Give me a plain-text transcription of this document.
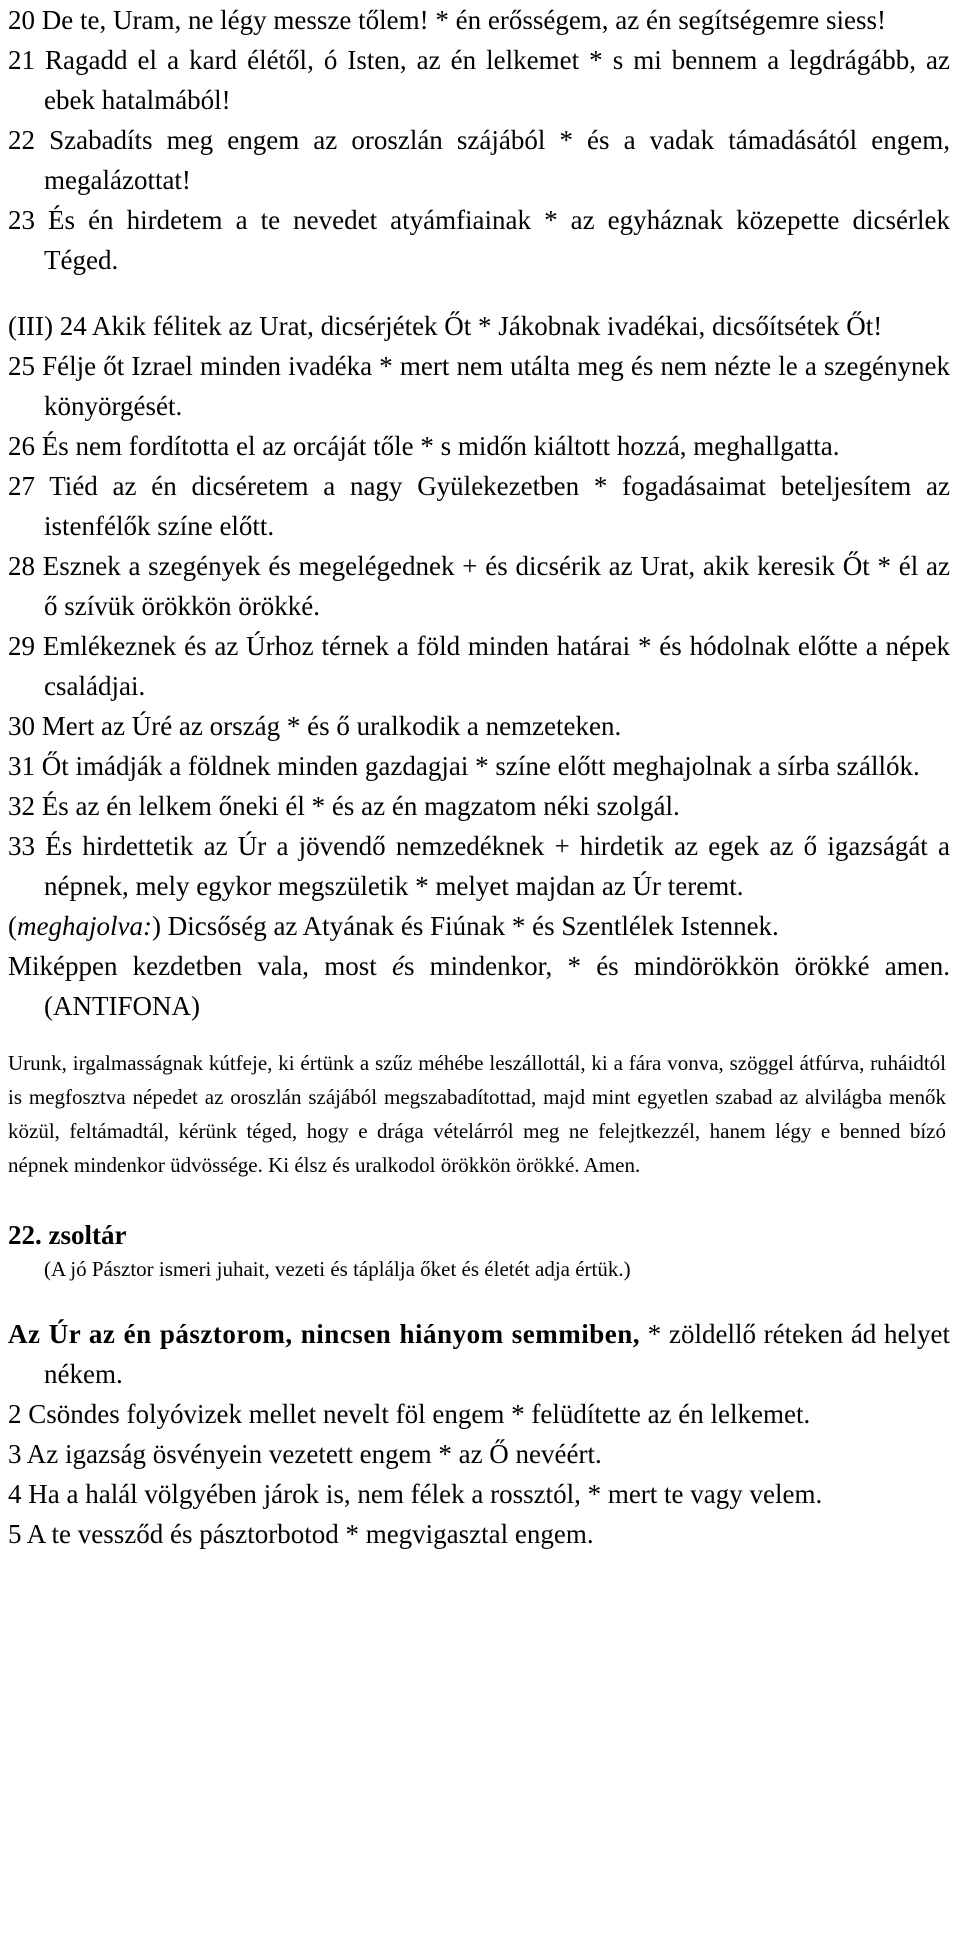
20 De te, Uram, ne légy messze tőlem! * én erősségem, az én segítségemre siess!

21 Ragadd el a kard élétől, ó Isten, az én lelkemet * s mi bennem a legdrágább, az ebek hatalmából!

22 Szabadíts meg engem az oroszlán szájából * és a vadak támadásától engem, megalázottat!

23 És én hirdetem a te nevedet atyámfiainak * az egyháznak közepette dicsérlek Téged.

(III) 24 Akik félitek az Urat, dicsérjétek Őt * Jákobnak ivadékai, dicsőítsétek Őt!

25 Félje őt Izrael minden ivadéka * mert nem utálta meg és nem nézte le a szegénynek könyörgését.

26 És nem fordította el az orcáját tőle * s midőn kiáltott hozzá, meghallgatta.

27 Tiéd az én dicséretem a nagy Gyülekezetben * fogadásaimat beteljesítem az istenfélők színe előtt.

28 Esznek a szegények és megelégednek + és dicsérik az Urat, akik keresik Őt * él az ő szívük örökkön örökké.

29 Emlékeznek és az Úrhoz térnek a föld minden határai * és hódolnak előtte a népek családjai.

30 Mert az Úré az ország * és ő uralkodik a nemzeteken.

31 Őt imádják a földnek minden gazdagjai * színe előtt meghajolnak a sírba szállók.

32 És az én lelkem őneki él * és az én magzatom néki szolgál.

33 És hirdettetik az Úr a jövendő nemzedéknek + hirdetik az egek az ő igazságát a népnek, mely egykor megszületik * melyet majdan az Úr teremt.

(meghajolva:) Dicsőség az Atyának és Fiúnak * és Szentlélek Istennek.

Miképpen kezdetben vala, most és mindenkor, * és mindörökkön örökké amen. (ANTIFONA)

Urunk, irgalmasságnak kútfeje, ki értünk a szűz méhébe leszállottál, ki a fára vonva, szöggel átfúrva, ruháidtól is megfosztva népedet az oroszlán szájából megszabadítottad, majd mint egyetlen szabad az alvilágba menők közül, feltámadtál, kérünk téged, hogy e drága vételárról meg ne felejtkezzél, hanem légy e benned bízó népnek mindenkor üdvössége. Ki élsz és uralkodol örökkön örökké. Amen.

22. zsoltár

(A jó Pásztor ismeri juhait, vezeti és táplálja őket és életét adja értük.)

Az Úr az én pásztorom, nincsen hiányom semmiben, * zöldellő réteken ád helyet nékem.

2 Csöndes folyóvizek mellet nevelt föl engem * felüdítette az én lelkemet.

3 Az igazság ösvényein vezetett engem * az Ő nevéért.

4 Ha a halál völgyében járok is, nem félek a rossztól, * mert te vagy velem.

5 A te vessződ és pásztorbotod * megvigasztal engem.
